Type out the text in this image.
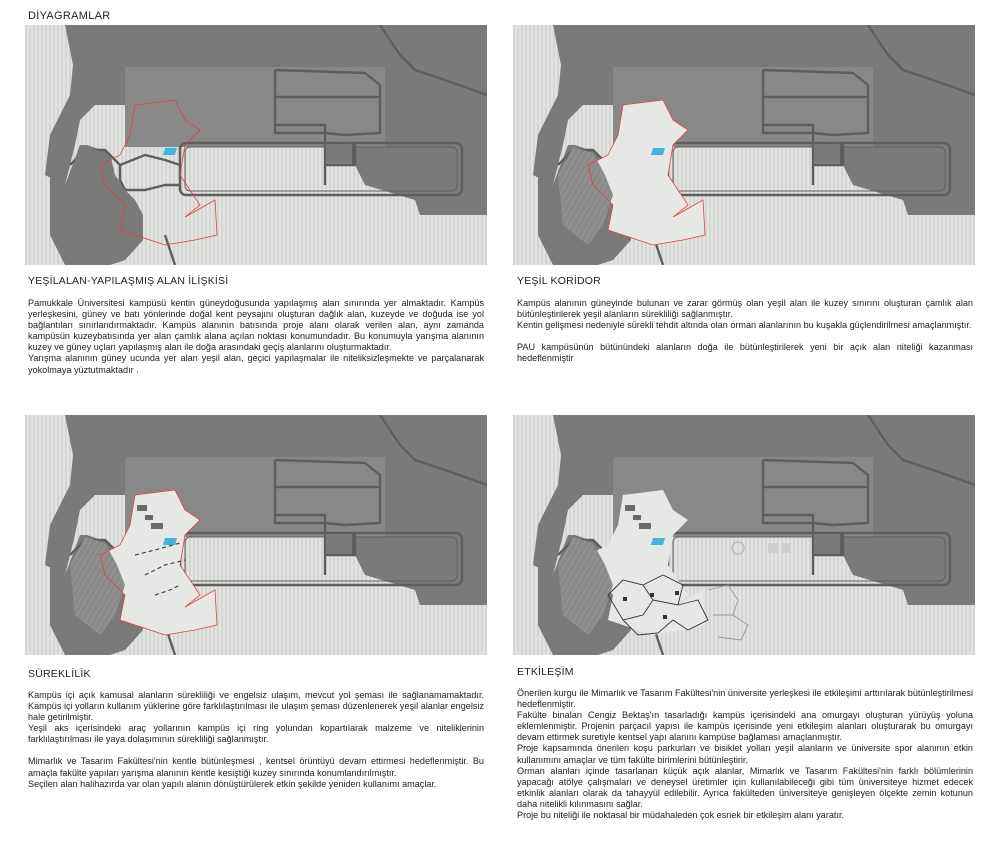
DİYAGRAMLAR
YEŞİLALAN-YAPILAŞMIŞ ALAN İLİŞKİSİ

Pamukkale Üniversitesi kampüsü kentin güneydoğusunda yapılaşmış alan sınırında yer almaktadır. Kampüs yerleşkesini, güney ve batı yönlerinde doğal kent peysajını oluşturan dağlık alan, kuzeyde ve doğuda ise yol bağlantıları sınırlandırmaktadır. Kampüs alanının batısında proje alanı olarak verilen alan, aynı zamanda kampüsün kuzeybatısında yer alan çamlık alana açılan noktası konumundadır. Bu konumuyla yarışma alanının kuzey ve güney uçları yapılaşmış alan ile doğa arasındaki geçiş alanlarını oluşturmaktadır.

Yarışma alanının güney ucunda yer alan yeşil alan, geçici yapılaşmalar ile niteliksizleşmekte ve parçalanarak yokolmaya yüztutmaktadır .

YEŞİL KORİDOR

Kampüs alanının güneyinde bulunan ve zarar görmüş olan yeşil alan ile kuzey sınırını oluşturan çamlık alan bütünleştirilerek yeşil alanların sürekliliği sağlanmıştır.

Kentin gelişmesi nedeniyle sürekli tehdit altında olan orman alanlarının bu kuşakla güçlendirilmesi amaçlanmıştır.

PAU kampüsünün bütünündeki alanların doğa ile bütünleştirilerek yeni bir açık alan niteliği kazanması hedeflenmiştir

SÜREKLİLİK

Kampüs içi açık kamusal alanların sürekliliği ve engelsiz ulaşım, mevcut yol şeması ile sağlanamamaktadır. Kampüs içi yolların kullanım yüklerine göre farklılaştırılması ile ulaşım şeması düzenlenerek yeşil alanlar engelsiz hale getirilmiştir.

Yeşil aks içerisindeki araç yollarının kampüs içi ring yolundan kopartılarak malzeme ve niteliklerinin farklılaştırılması ile yaya dolaşımının sürekliliği sağlanmıştır.

Mimarlık ve Tasarım Fakültesi'nin kentle bütünleşmesi , kentsel örüntüyü devam ettirmesi hedeflenmiştir. Bu amaçla fakülte yapıları yarışma alanının kentle kesiştiği kuzey sınırında konumlandırılmıştır.

Seçilen alan halihazırda var olan yapılı alanın dönüştürülerek etkin şekilde yeniden kullanımı amaçlar.

ETKİLEŞİM

Önerilen kurgu ile Mimarlık ve Tasarım Fakültesi'nin üniversite yerleşkesi ile etkileşimi arttırılarak bütünleştirilmesi hedeflenmiştir.

Fakülte binaları Cengiz Bektaş'ın tasarladığı kampüs içerisindeki ana omurgayı oluşturan yürüyüş yoluna eklemlenmiştir. Projenin parçacıl yapısı ile kampüs içerisinde yeni etkileşim alanları oluşturarak bu omurgayı devam ettirmek suretiyle kentsel yapı alanını kampüse bağlaması amaçlanmıştır.

Proje kapsamında önerilen koşu parkurları ve bisiklet yolları yeşil alanların ve üniversite spor alanının etkin kullanımını amaçlar ve tüm fakülte birimlerini bütünleştirir.

Orman alanları içinde tasarlanan küçük açık alanlar, Mimarlık ve Tasarım Fakültesi'nin farklı bölümlerinin yapacağı atölye çalışmaları ve deneysel üretimler için kullanılabileceği gibi tüm üniversiteye hizmet edecek etkinlik alanları olarak da tahayyül edilebilir. Ayrıca fakülteden üniversiteye genişleyen ölçekte zemin kotunun daha nitelikli kılınmasını sağlar.

Proje bu niteliği ile noktasal bir müdahaleden çok esnek bir etkileşim alanı yaratır.
